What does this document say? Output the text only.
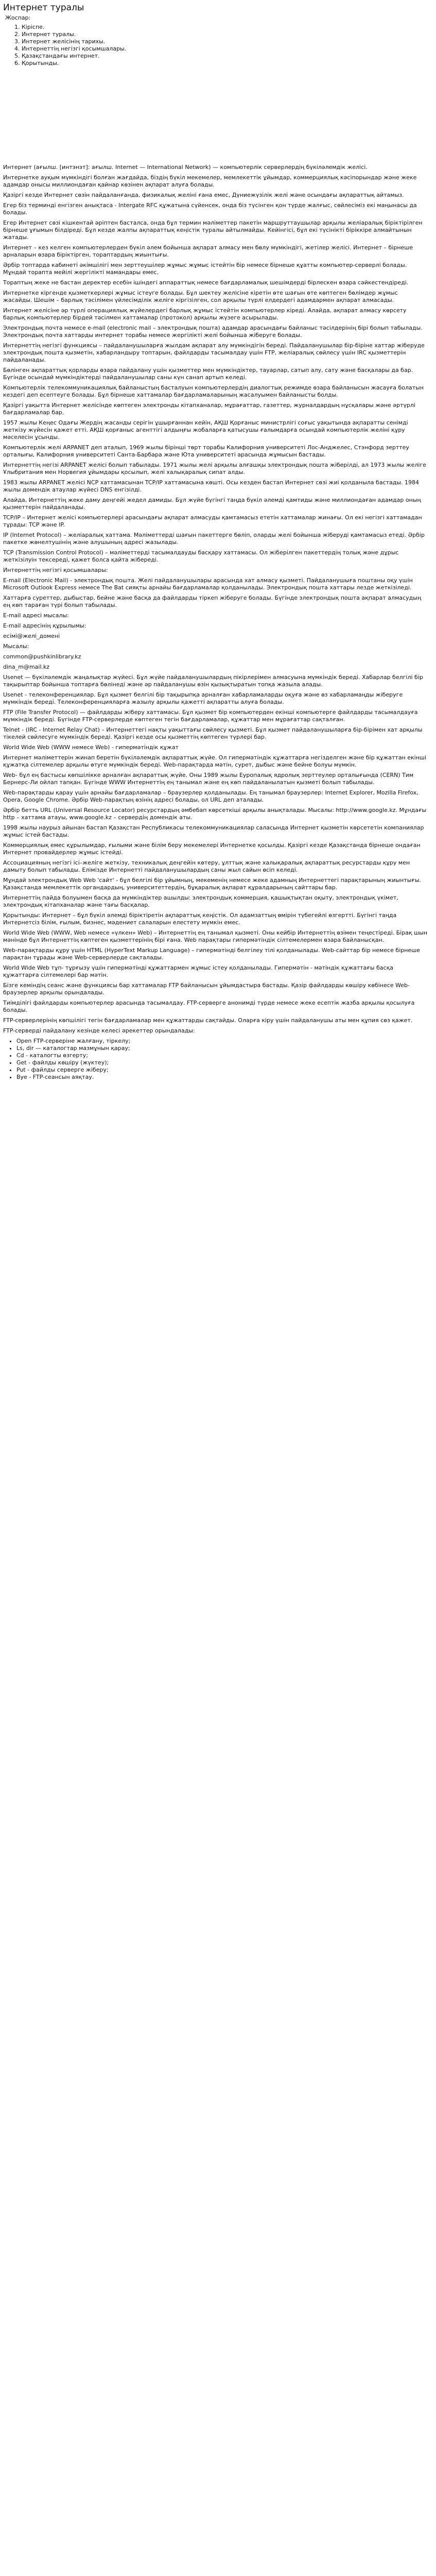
Интернет туралы
Жоспар:
1. Кіріспе.
2. Интернет туралы.
3. Интернет желісінің тарихы.
4. Интернеттің негізгі қосымшалары.
5. Қазақстандағы интернет.
6. Қорытынды.

Интернет (ағылш. [интэнэт]: ағылш. Internet — International Network) — компьютерлік серверлердің бүкіләлемдік желісі.

Интернетке ауқым мүмкіндігі болған жағдайда, біздің бүкіл мекемелер, мемлекеттік ұйымдар, коммерциялық кәсіпорындар және жеке адамдар онысы миллиондаған қайнар көзінен ақпарат алуға болады.

Қазіргі кезде Интернет сөзін пайдаланғанда, физикалық желіні ғана емес, Дүниежүзілік желі және осындағы ақпараттық айтамыз.

Егер біз терминді енгізген анықтаса - Intergate RFC құжатына сүйенсек, онда біз түсінген қон түрде жалғыс, сөйлесіміз екі маңынасы да болады.

Егер Интернет сөзі кішкентай әріптен басталса, онда бұл термин мәліметтер пакетін маршруттаушылар арқылы желіаралық біріктірілген бірнеше ұғымын білдіреді. Бұл кезде жалпы ақпараттық кеңістік туралы айтылмайды. Кейінгісі, бұл екі түсінікті біріккіре алмайтынын жатады.

Интернет – кез келген компьютерлерден бүкіл әлем бойынша ақпарат алмасу мен бөлу мүмкіндігі, жетілер желісі. Интернет – бірнеше арналарын өзара біріктірген, тораптардың жиынтығы.

Әрбір топтарда кабинеті әкімшілігі мен зерттеушілер жұмыс жұмыс істейтін бір немесе бірнеше құатты компьютер-серверлі болады. Мұндай торапта мейілі жергілікті мамандары емес.

Тораптың жеке не бастан деректер есебін ішіндегі аппараттық немесе бағдарламалық шешімдерді бірлескен өзара сәйкестендіреді.

Интернетке кіргенде қызметкерлері жұмыс істеуге болады. Бұл шектеу желісіне кіретін өте шағын өте көптеген бөлімдер жұмыс жасайды. Шешім – барлық тәсілімен үйлесімділік желіге кіргізілген, сол арқылы түрлі елдердегі адамдармен ақпарат алмасады.

Интернет желісіне әр түрлі операциялық жүйелердегі барлық жұмыс істейтін компьютерлер кіреді. Алайда, ақпарат алмасу көрсету барлық компьютерлер бірдей тәсілмен хаттамалар (протокол) арқылы жүзеге асырылады.

Электрондық почта немесе e-mail (electronic mail – электрондық пошта) адамдар арасындағы байланыс тәсілдерінің бірі болып табылады. Электрондық почта хаттарды интернет торабы немесе жергілікті желі бойынша жіберуге болады.

Интернеттің негізгі функциясы – пайдаланушыларға жылдам ақпарат алу мүмкіндігін береді. Пайдаланушылар бір-біріне хаттар жіберуде электрондық пошта қызметін, хабарландыру топтарын, файлдарды тасымалдау үшін FTP, желіаралық сөйлесу үшін IRC қызметтерін пайдаланады.

Бөлінген ақпараттық қорларды өзара пайдалану үшін қызметтер мен мүмкіндіктер, тауарлар, сатып алу, сату және басқалары да бар. Бүгінде осындай мүмкіндіктерді пайдаланушылар саны күн санап артып келеді.

Компьютерлік телекоммуникациялық байланыстың басталуын компьютерлердің диалогтық режимде өзара байланысын жасауға болатын кездегі деп есептеуге болады. Бұл бірнеше хаттамалар бағдарламаларының жасалуымен байланысты болды.

Қазіргі уақытта Интернет желісінде көптеген электронды кітапханалар, мұрағаттар, газеттер, журналдардың нұсқалары және әртүрлі бағдарламалар бар.

1957 жылы Кеңес Одағы Жердің жасанды серігін ұшырғаннан кейін, АҚШ Қорғаныс министрлігі соғыс уақытында ақпаратты сенімді жеткізу жүйесін қажет етті. АҚШ қорғаныс агенттігі алдыңғы жобаларға қатысушы ғалымдарға осындай компьютерлік желіні құру мәселесін ұсынды.

Компьютерлік желі ARPANET деп аталып, 1969 жылы бірінші төрт торабы Калифорния университеті Лос-Анджелес, Стэнфорд зерттеу орталығы, Калифорния университеті Санта-Барбара және Юта университеті арасында жұмысын бастады.

Интернеттің негізі ARPANET желісі болып табылады. 1971 жылы желі арқылы алғашқы электрондық пошта жіберілді, ал 1973 жылы желіге Ұлыбритания мен Норвегия ұйымдары қосылып, желі халықаралық сипат алды.

1983 жылы ARPANET желісі NCP хаттамасынан TCP/IP хаттамасына көшті. Осы кезден бастап Интернет сөзі жиі қолданыла бастады. 1984 жылы домендік атаулар жүйесі DNS енгізілді.

Алайда, Интернеттің жеке даму деңгейі жедел дамиды. Бұл жүйе бүгінгі таңда бүкіл әлемді қамтиды және миллиондаған адамдар оның қызметтерін пайдаланады.

TCP/IP – Интернет желісі компьютерлері арасындағы ақпарат алмасуды қамтамасыз ететін хаттамалар жинағы. Ол екі негізгі хаттамадан тұрады: TCP және IP.

IP (Internet Protocol) – желіаралық хаттама. Мәліметтерді шағын пакеттерге бөліп, оларды желі бойынша жіберуді қамтамасыз етеді. Әрбір пакетке жөнелтушінің және алушының адресі жазылады.

TCP (Transmission Control Protocol) – мәліметтерді тасымалдауды басқару хаттамасы. Ол жіберілген пакеттердің толық және дұрыс жеткізілуін тексереді, қажет болса қайта жібереді.

Интернеттің негізгі қосымшалары:

E-mail (Electronic Mail) - электрондық пошта. Желі пайдаланушылары арасында хат алмасу қызметі. Пайдаланушыға поштаны оқу үшін Microsoft Outlook Express немесе The Bat сияқты арнайы бағдарламалар қолданылады. Электрондық пошта хаттары лезде жеткізіледі.

Хаттарға суреттер, дыбыстар, бейне және басқа да файлдарды тіркеп жіберуге болады. Бүгінде электрондық пошта ақпарат алмасудың ең көп тараған түрі болып табылады.

E-mail адресі мысалы:

E-mail адресінің құрылымы:

есімі@желі_домені

Мысалы:

common@pushkinlibrary.kz

dina_m@mail.kz

Usenet — бүкіләлемдік жаңалықтар жүйесі. Бұл жүйе пайдаланушылардың пікірлерімен алмасуына мүмкіндік береді. Хабарлар белгілі бір тақырыптар бойынша топтарға бөлінеді және әр пайдаланушы өзін қызықтыратын топқа жазыла алады.

Usenet - телеконференциялар. Бұл қызмет белгілі бір тақырыпқа арналған хабарламаларды оқуға және өз хабарламаңды жіберуге мүмкіндік береді. Телеконференцияларға жазылу арқылы қажетті ақпаратты алуға болады.

FTP (File Transfer Protocol) — файлдарды жіберу хаттамасы. Бұл қызмет бір компьютерден екінші компьютерге файлдарды тасымалдауға мүмкіндік береді. Бүгінде FTP-серверлерде көптеген тегін бағдарламалар, құжаттар мен мұрағаттар сақталған.

Telnet - (IRC - Internet Relay Chat) – Интернеттегі нақты уақыттағы сөйлесу қызметі. Бұл қызмет пайдаланушыларға бір-бірімен хат арқылы тікелей сөйлесуге мүмкіндік береді. Қазіргі кезде осы қызметтің көптеген түрлері бар.

World Wide Web (WWW немесе Web) - гипермәтіндік құжат

Интернет мәліметтерін жинап беретін бүкіләлемдік ақпараттық жүйе. Ол гипермәтіндік құжаттарға негізделген және бір құжаттан екінші құжатқа сілтемелер арқылы өтуге мүмкіндік береді. Web-парақтарда мәтін, сурет, дыбыс және бейне болуы мүмкін.

Web- бұл ең бастысы көпшілікке арналған ақпараттық жүйе. Оны 1989 жылы Еуропалық ядролық зерттеулер орталығында (CERN) Тим Бернерс-Ли ойлап тапқан. Бүгінде WWW Интернеттің ең танымал және ең көп пайдаланылатын қызметі болып табылады.

Web-парақтарды қарау үшін арнайы бағдарламалар – браузерлер қолданылады. Ең танымал браузерлер: Internet Explorer, Mozilla Firefox, Opera, Google Chrome. Әрбір Web-парақтың өзінің адресі болады, ол URL деп аталады.

Әрбір бетть URL (Universal Resource Locator) ресурстардың әмбебап көрсеткіші арқылы анықталады. Мысалы: http://www.google.kz. Мұндағы http – хаттама атауы, www.google.kz – сервердің домендік аты.

1998 жылы наурыз айынан бастап Қазақстан Республикасы телекоммуникациялар саласында Интернет қызметін көрсететін компаниялар жұмыс істей бастады.

Коммерциялық емес құрылымдар, ғылыми және білім беру мекемелері Интернетке қосылды. Қазіргі кезде Қазақстанда бірнеше ондаған Интернет провайдерлер жұмыс істейді.

Ассоциацияның негізгі ісі–желіге жеткізу, техникалық деңгейін көтеру, ұлттық және халықаралық ақпараттық ресурстарды құру мен дамыту болып табылады. Елімізде Интернетті пайдаланушылардың саны жыл сайын өсіп келеді.

Мұндай электрондық Web Web 'сайт' - бұл белгілі бір ұйымның, мекеменің немесе жеке адамның Интернеттегі парақтарының жиынтығы. Қазақстанда мемлекеттік органдардың, университеттердің, бұқаралық ақпарат құралдарының сайттары бар.

Интернеттің пайда болуымен басқа да мүмкіндіктер ашылды: электрондық коммерция, қашықтықтан оқыту, электрондық үкімет, электрондық кітапханалар және тағы басқалар.

Қорытынды: Интернет – бұл бүкіл әлемді біріктіретін ақпараттық кеңістік. Ол адамзаттың өмірін түбегейлі өзгертті. Бүгінгі таңда Интернетсіз білім, ғылым, бизнес, мәдениет салаларын елестету мүмкін емес.

World Wide Web (WWW, Web немесе «үлкен» Web) – Интернеттің ең танымал қызметі. Оны кейбір Интернеттің өзімен теңестіреді. Бірақ шын мәнінде бұл Интернеттің көптеген қызметтерінің бірі ғана. Web парақтары гипермәтіндік сілтемелермен өзара байланысқан.

Web-парақтарды құру үшін HTML (HyperText Markup Language) – гипермәтінді белгілеу тілі қолданылады. Web-сайттар бір немесе бірнеше парақтан тұрады және Web-серверлерде сақталады.

World Wide Web тұп- тұрғызу үшін гипермәтінді құжаттармен жұмыс істеу қолданылады. Гипермәтін - мәтіндік құжаттағы басқа құжаттарға сілтемелері бар мәтін.

Бізге кеміндің сеанс және функциясы бар хаттамалар FTP байланысын ұйымдастыра бастады. Қазір файлдарды көшіру көбінесе Web-браузерлер арқылы орындалады.

Тиімділігі файлдарды компьютерлер арасында тасымалдау. FTP-серверге анонимді түрде немесе жеке есептік жазба арқылы қосылуға болады.

FTP-серверлерінің көпшілігі тегін бағдарламалар мен құжаттарды сақтайды. Оларға кіру үшін пайдаланушы аты мен құпия сөз қажет.

FTP-серверді пайдалану кезінде келесі әрекеттер орындалады:

• Open FTP-серверіне жалғану, тіркелу;
• Ls, dir — каталогтар мазмұнын қарау;
• Cd - каталогты өзгерту;
• Get - файлды көшіру (жүктеу);
• Put - файлды серверге жіберу;
• Bye - FTP-сеансын аяқтау.
